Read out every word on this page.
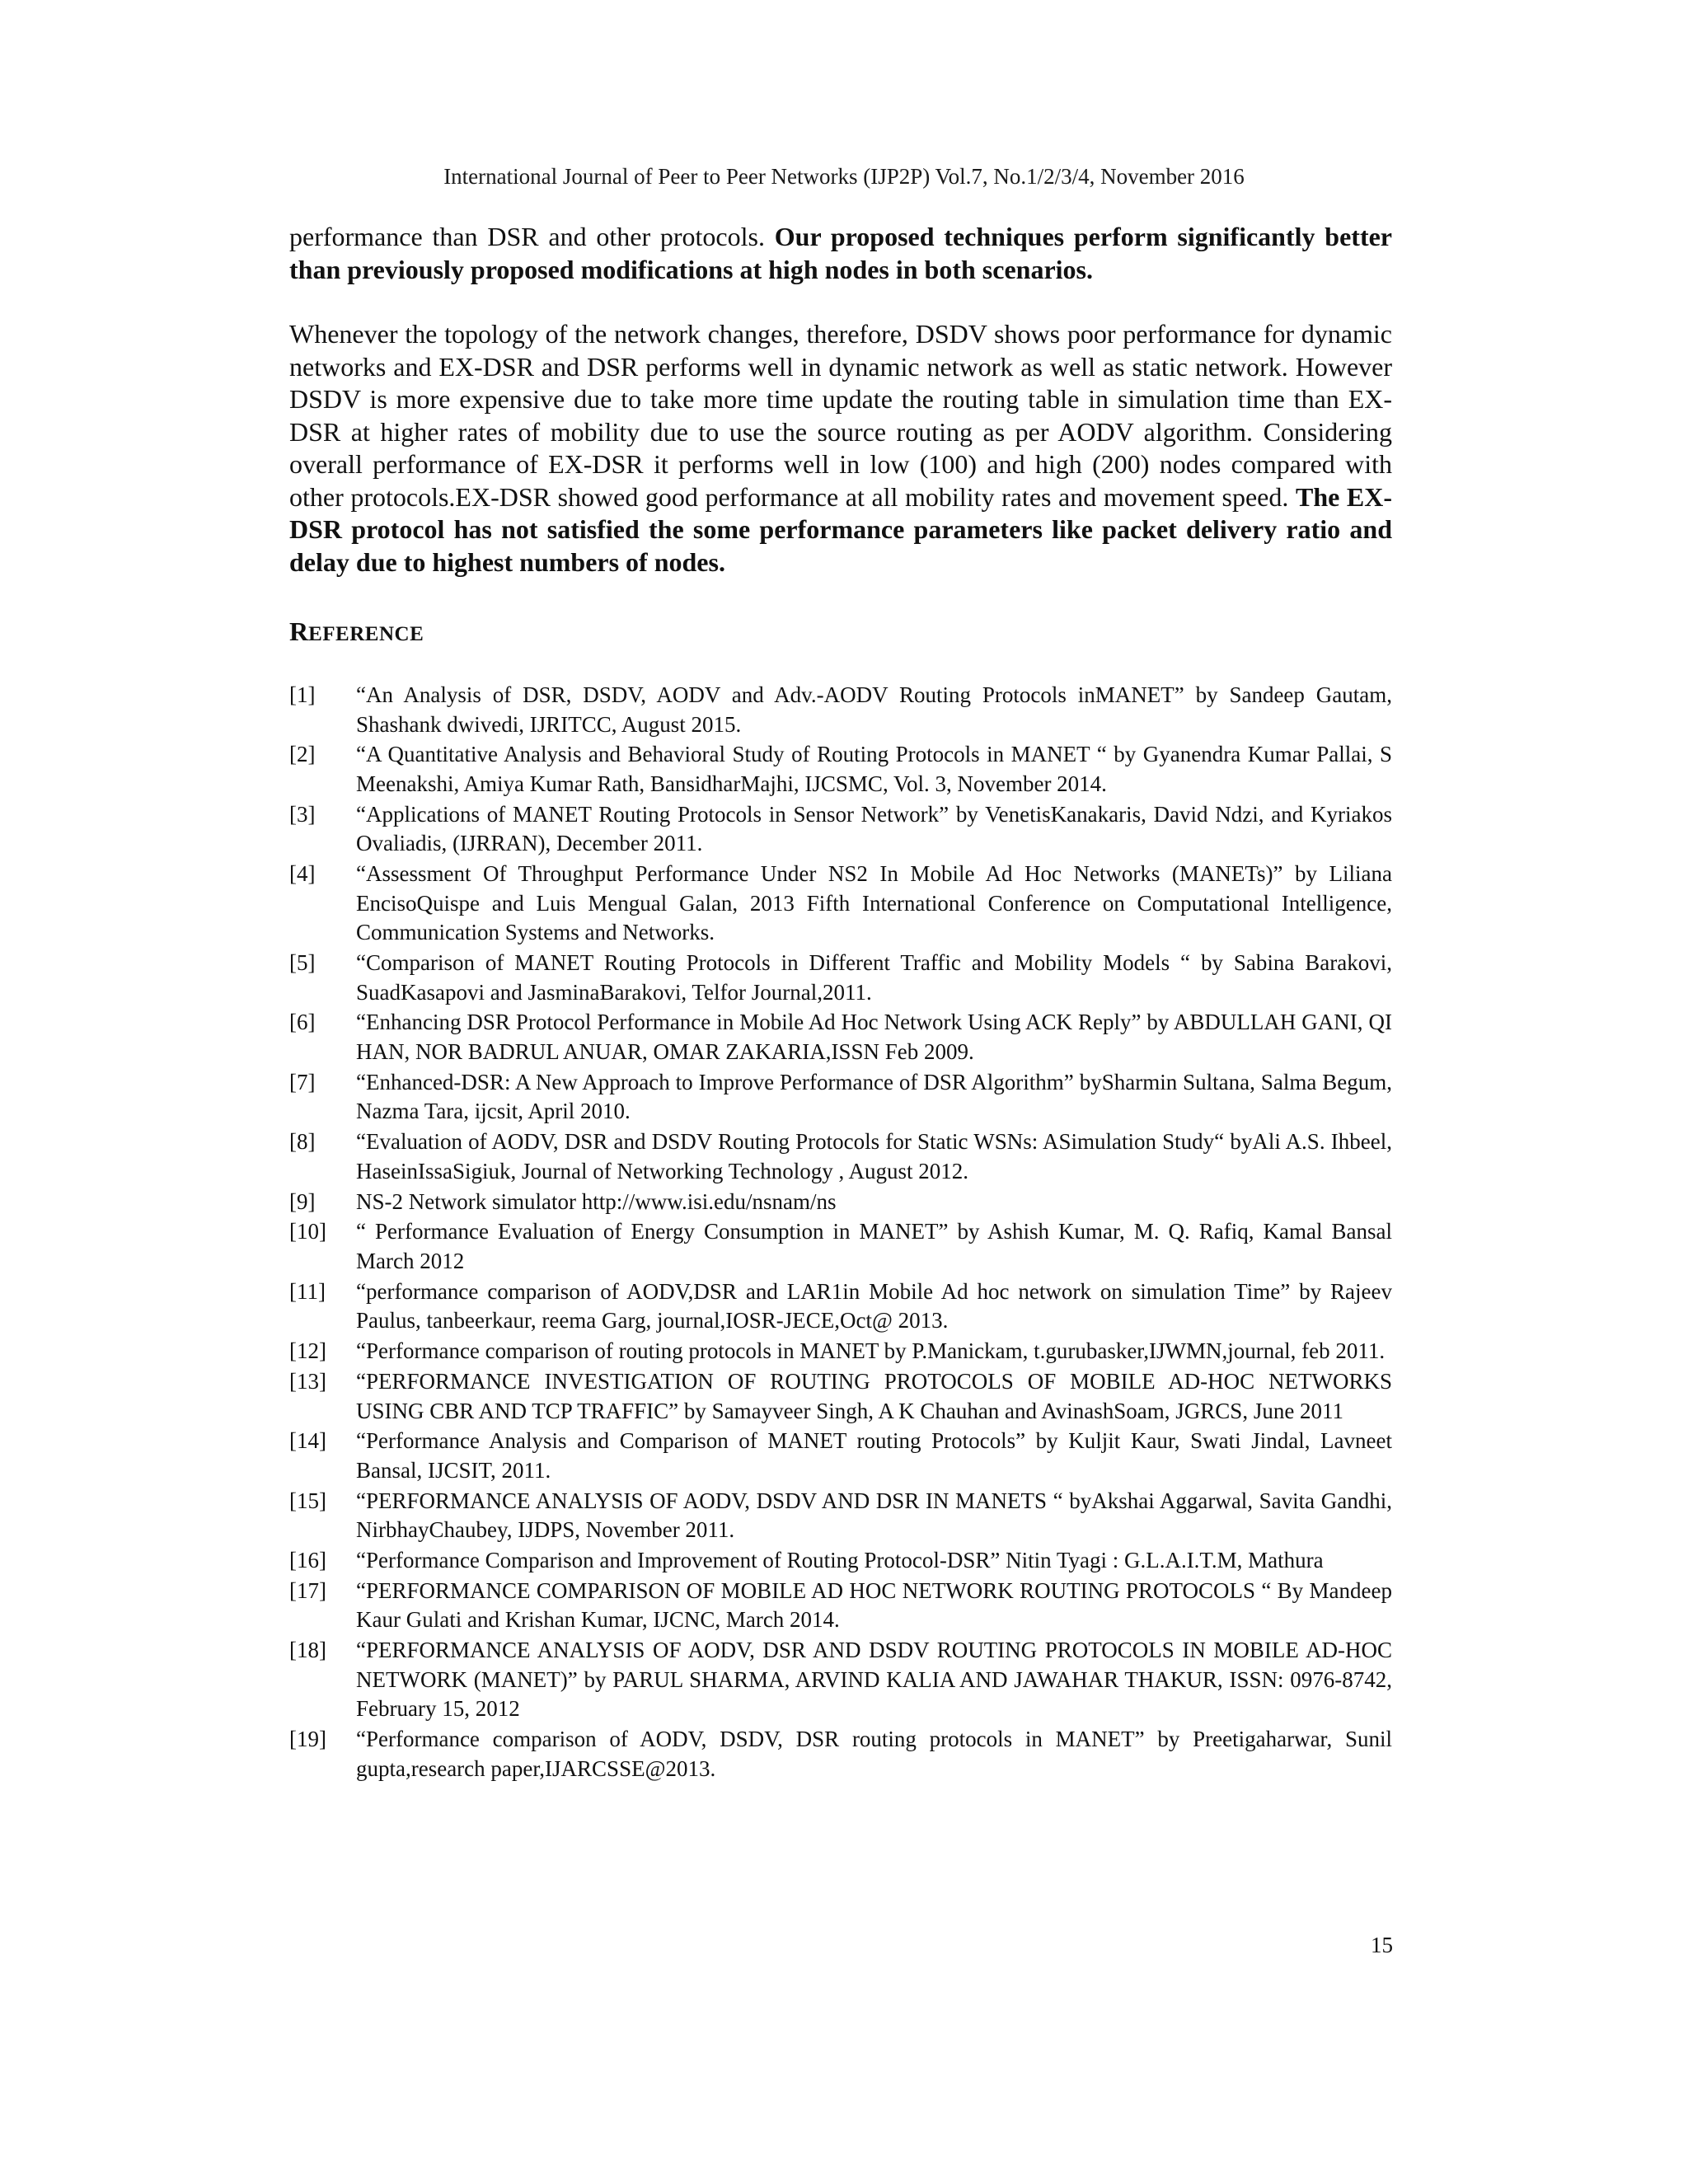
International Journal of Peer to Peer Networks (IJP2P) Vol.7, No.1/2/3/4, November 2016

performance than DSR and other protocols. Our proposed techniques perform significantly better than previously proposed modifications at high nodes in both scenarios.

Whenever the topology of the network changes, therefore, DSDV shows poor performance for dynamic networks and EX-DSR and DSR performs well in dynamic network as well as static network. However DSDV is more expensive due to take more time update the routing table in simulation time than EX-DSR at higher rates of mobility due to use the source routing as per AODV algorithm. Considering overall performance of EX-DSR it performs well in low (100) and high (200) nodes compared with other protocols.EX-DSR showed good performance at all mobility rates and movement speed. The EX-DSR protocol has not satisfied the some performance parameters like packet delivery ratio and delay due to highest numbers of nodes.

REFERENCE
[1] “An Analysis of DSR, DSDV, AODV and Adv.-AODV Routing Protocols inMANET” by Sandeep Gautam, Shashank dwivedi, IJRITCC, August 2015.
[2] “A Quantitative Analysis and Behavioral Study of Routing Protocols in MANET “ by Gyanendra Kumar Pallai, S Meenakshi, Amiya Kumar Rath, BansidharMajhi, IJCSMC, Vol. 3, November 2014.
[3] “Applications of MANET Routing Protocols in Sensor Network” by VenetisKanakaris, David Ndzi, and Kyriakos Ovaliadis, (IJRRAN), December 2011.
[4] “Assessment Of Throughput Performance Under NS2 In Mobile Ad Hoc Networks (MANETs)” by Liliana EncisoQuispe and Luis Mengual Galan, 2013 Fifth International Conference on Computational Intelligence, Communication Systems and Networks.
[5] “Comparison of MANET Routing Protocols in Different Traffic and Mobility Models “ by Sabina Barakovi, SuadKasapovi and JasminaBarakovi, Telfor Journal,2011.
[6] “Enhancing DSR Protocol Performance in Mobile Ad Hoc Network Using ACK Reply” by ABDULLAH GANI, QI HAN, NOR BADRUL ANUAR, OMAR ZAKARIA,ISSN Feb 2009.
[7] “Enhanced-DSR: A New Approach to Improve Performance of DSR Algorithm” bySharmin Sultana, Salma Begum, Nazma Tara, ijcsit, April 2010.
[8] “Evaluation of AODV, DSR and DSDV Routing Protocols for Static WSNs: ASimulation Study“ byAli A.S. Ihbeel, HaseinIssaSigiuk, Journal of Networking Technology , August 2012.
[9] NS-2 Network simulator http://www.isi.edu/nsnam/ns
[10] “ Performance Evaluation of Energy Consumption in MANET” by Ashish Kumar, M. Q. Rafiq, Kamal Bansal March 2012
[11] “performance comparison of AODV,DSR and LAR1in Mobile Ad hoc network on simulation Time” by Rajeev Paulus, tanbeerkaur, reema Garg, journal,IOSR-JECE,Oct@ 2013.
[12] “Performance comparison of routing protocols in MANET by P.Manickam, t.gurubasker,IJWMN,journal, feb 2011.
[13] “PERFORMANCE INVESTIGATION OF ROUTING PROTOCOLS OF MOBILE AD-HOC NETWORKS USING CBR AND TCP TRAFFIC” by Samayveer Singh, A K Chauhan and AvinashSoam, JGRCS, June 2011
[14] “Performance Analysis and Comparison of MANET routing Protocols” by Kuljit Kaur, Swati Jindal, Lavneet Bansal, IJCSIT, 2011.
[15] “PERFORMANCE ANALYSIS OF AODV, DSDV AND DSR IN MANETS “ byAkshai Aggarwal, Savita Gandhi, NirbhayChaubey, IJDPS, November 2011.
[16] “Performance Comparison and Improvement of Routing Protocol-DSR” Nitin Tyagi : G.L.A.I.T.M, Mathura
[17] “PERFORMANCE COMPARISON OF MOBILE AD HOC NETWORK ROUTING PROTOCOLS “ By Mandeep Kaur Gulati and Krishan Kumar, IJCNC, March 2014.
[18] “PERFORMANCE ANALYSIS OF AODV, DSR AND DSDV ROUTING PROTOCOLS IN MOBILE AD-HOC NETWORK (MANET)” by PARUL SHARMA, ARVIND KALIA AND JAWAHAR THAKUR, ISSN: 0976-8742, February 15, 2012
[19] “Performance comparison of AODV, DSDV, DSR routing protocols in MANET” by Preetigaharwar, Sunil gupta,research paper,IJARCSSE@2013.
15
